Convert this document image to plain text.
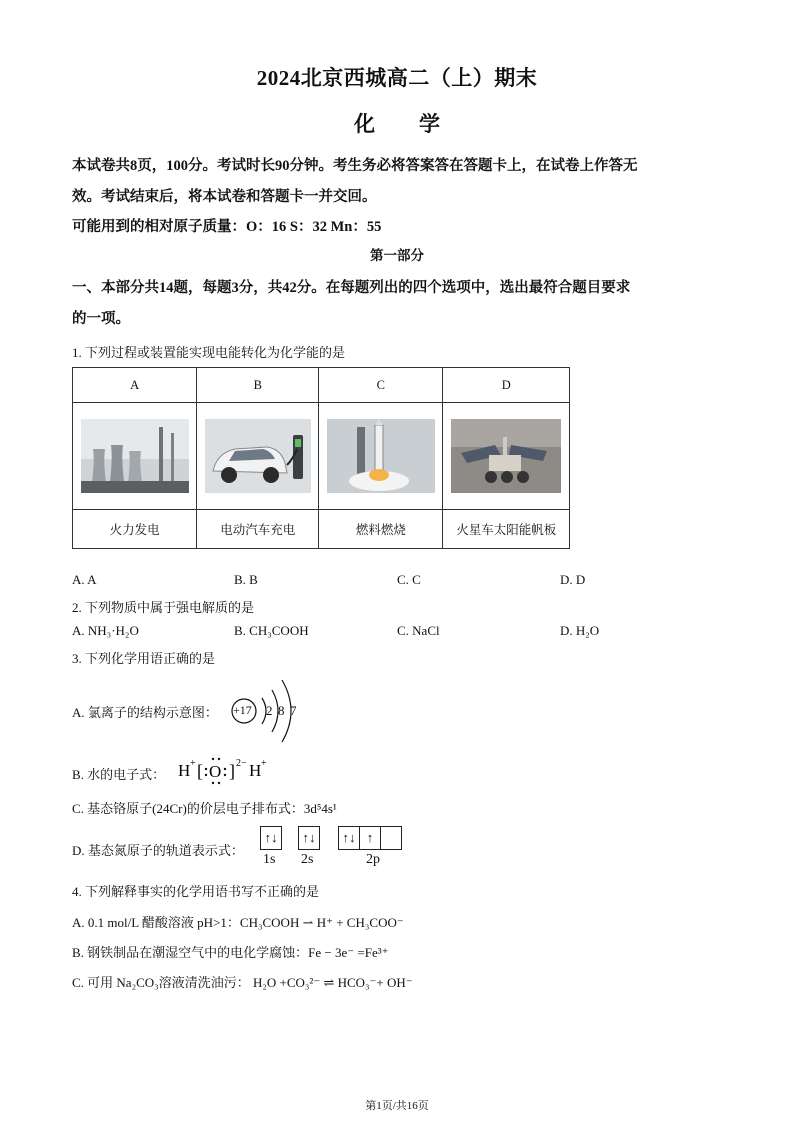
2024北京西城高二（上）期末
化 学
本试卷共8页，100分。考试时长90分钟。考生务必将答案答在答题卡上，在试卷上作答无
效。考试结束后，将本试卷和答题卡一并交回。
可能用到的相对原子质量：O：16 S：32 Mn：55
第一部分
一、本部分共14题，每题3分，共42分。在每题列出的四个选项中，选出最符合题目要求
的一项。
1. 下列过程或装置能实现电能转化为化学能的是
A	B	C	D

火力发电	电动汽车充电	燃料燃烧	火星车太阳能帆板
A. A	B. B	C. C	D. D
2. 下列物质中属于强电解质的是
A. NH₃·H₂O	B. CH₃COOH	C. NaCl	D. H₂O
3. 下列化学用语正确的是
A. 氯离子的结构示意图： +17 2 8 7
B. 水的电子式： H + [ O ] 2− H +
C. 基态铬原子(24Cr)的价层电子排布式：3d⁵4s¹
D. 基态氮原子的轨道表示式：
↑↓	↑↓	↑↓ ↑
1s 2s	2p
4. 下列解释事实的化学用语书写不正确的是
A. 0.1 mol/L 醋酸溶液 pH>1：CH₃COOH ⇀ H⁺ + CH₃COO⁻
B. 钢铁制品在潮湿空气中的电化学腐蚀：Fe − 3e⁻ =Fe³⁺
C. 可用 Na₂CO₃溶液清洗油污： H₂O +CO₃²⁻ ⇌ HCO₃⁻+ OH⁻
第1页/共16页
